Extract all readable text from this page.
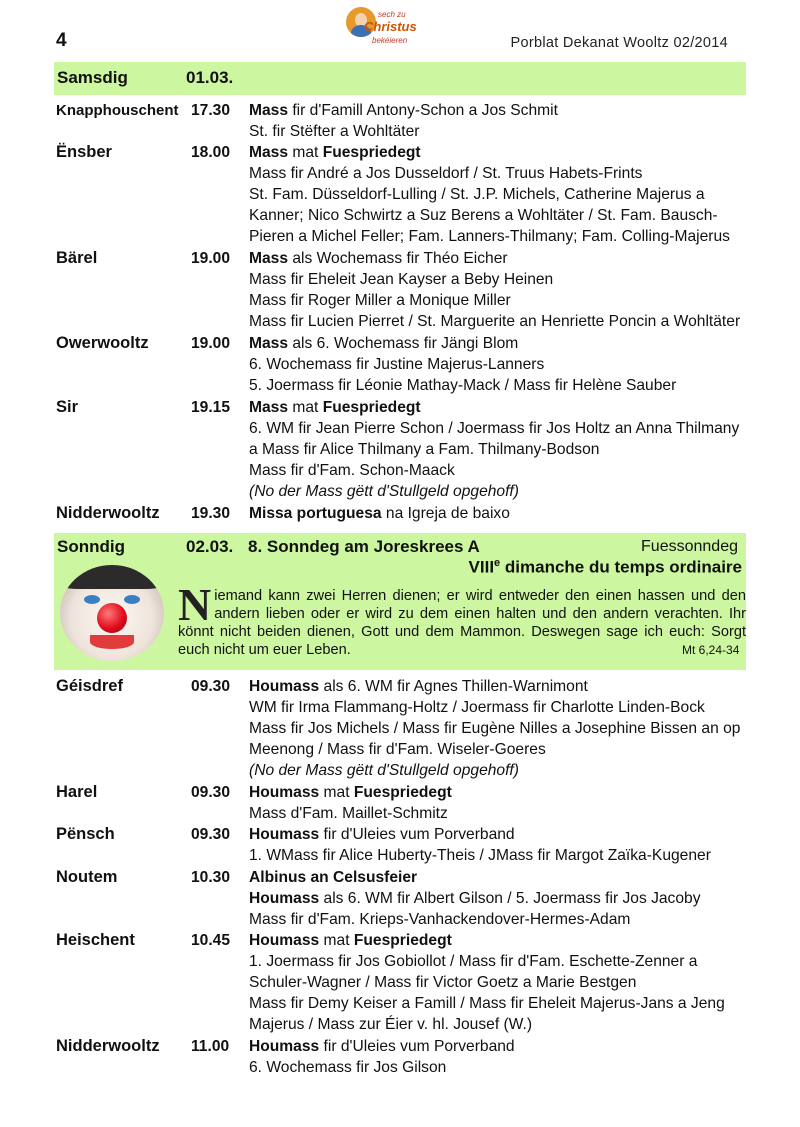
4
sech zu
Christus
bekéieren	Porblat Dekanat Wooltz 02/2014
Samsdig	01.03.
Knapphouschent 17.30 Mass fir d'Famill Antony-Schon a Jos Schmit
St. fir Stëfter a Wohltäter
Ënsber	18.00 Mass mat Fuespriedegt
Mass fir André a Jos Dusseldorf / St. Truus Habets-Frints
St. Fam. Düsseldorf-Lulling / St. J.P. Michels, Catherine Majerus a
Kanner; Nico Schwirtz a Suz Berens a Wohltäter / St. Fam. Bausch-
Pieren a Michel Feller; Fam. Lanners-Thilmany; Fam. Colling-Majerus
Bärel	19.00 Mass als Wochemass fir Théo Eicher
Mass fir Eheleit Jean Kayser a Beby Heinen
Mass fir Roger Miller a Monique Miller
Mass fir Lucien Pierret / St. Marguerite an Henriette Poncin a Wohltäter
Owerwooltz	19.00 Mass als 6. Wochemass fir Jängi Blom
6. Wochemass fir Justine Majerus-Lanners
5. Joermass fir Léonie Mathay-Mack / Mass fir Helène Sauber
Sir	19.15 Mass mat Fuespriedegt
6. WM fir Jean Pierre Schon / Joermass fir Jos Holtz an Anna Thilmany
a Mass fir Alice Thilmany a Fam. Thilmany-Bodson
Mass fir d'Fam. Schon-Maack
(No der Mass gëtt d'Stullgeld opgehoff)
Nidderwooltz 19.30 Missa portuguesa na Igreja de baixo
Sonndig	02.03. 8. Sonndeg am Joreskrees A	Fuessonndeg
VIIIe dimanche du temps ordinaire
Niemand kann zwei Herren dienen; er wird entweder den einen hassen und den andern lieben oder er wird zu dem einen halten und den andern verachten. Ihr könnt nicht beiden dienen, Gott und dem Mammon. Deswegen sage ich euch: Sorgt euch nicht um euer Leben.	Mt 6,24-34
Géisdref	09.30 Houmass als 6. WM fir Agnes Thillen-Warnimont
WM fir Irma Flammang-Holtz / Joermass fir Charlotte Linden-Bock
Mass fir Jos Michels / Mass fir Eugène Nilles a Josephine Bissen an op
Meenong / Mass fir d'Fam. Wiseler-Goeres
(No der Mass gëtt d'Stullgeld opgehoff)
Harel	09.30 Houmass mat Fuespriedegt
Mass d'Fam. Maillet-Schmitz
Pënsch	09.30 Houmass fir d'Uleies vum Porverband
1. WMass fir Alice Huberty-Theis / JMass fir Margot Zaïka-Kugener
Noutem	10.30 Albinus an Celsusfeier
Houmass als 6. WM fir Albert Gilson / 5. Joermass fir Jos Jacoby
Mass fir d'Fam. Krieps-Vanhackendover-Hermes-Adam
Heischent	10.45 Houmass mat Fuespriedegt
1. Joermass fir Jos Gobiollot / Mass fir d'Fam. Eschette-Zenner a
Schuler-Wagner / Mass fir Victor Goetz a Marie Bestgen
Mass fir Demy Keiser a Famill / Mass fir Eheleit Majerus-Jans a Jeng
Majerus / Mass zur Éier v. hl. Jousef (W.)
Nidderwooltz 11.00 Houmass fir d'Uleies vum Porverband
6. Wochemass fir Jos Gilson
